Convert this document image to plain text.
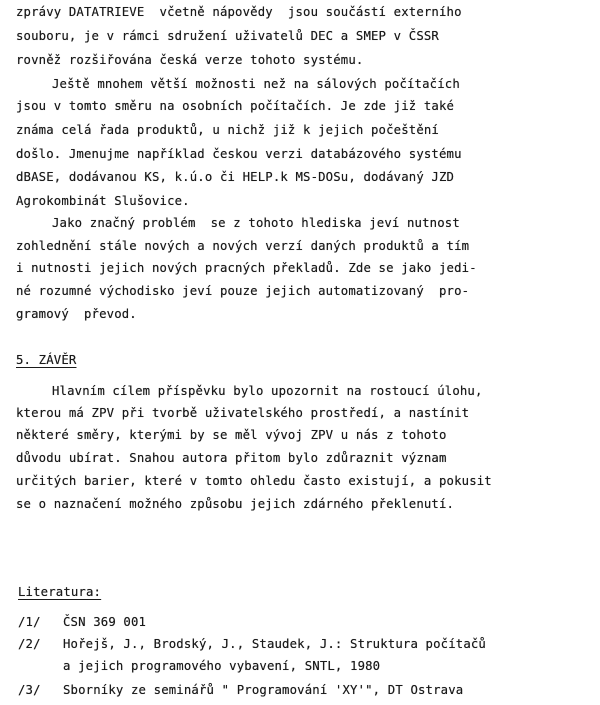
zprávy DATATRIEVE  včetně nápovědy  jsou součástí externího
souboru, je v rámci sdružení uživatelů DEC a SMEP v ČSSR
rovněž rozšiřována česká verze tohoto systému.
Ještě mnohem větší možnosti než na sálových počítačích
jsou v tomto směru na osobních počítačích. Je zde již také
známa celá řada produktů, u nichž již k jejich počeštění
došlo. Jmenujme například českou verzi databázového systému
dBASE, dodávanou KS, k.ú.o či HELP.k MS-DOSu, dodávaný JZD
Agrokombinát Slušovice.
Jako značný problém  se z tohoto hlediska jeví nutnost
zohlednění stále nových a nových verzí daných produktů a tím
i nutnosti jejich nových pracných překladů. Zde se jako jedi-
né rozumné východisko jeví pouze jejich automatizovaný  pro-
gramový  převod.
5. ZÁVĚR
Hlavním cílem příspěvku bylo upozornit na rostoucí úlohu,
kterou má ZPV při tvorbě uživatelského prostředí, a nastínit
některé směry, kterými by se měl vývoj ZPV u nás z tohoto
důvodu ubírat. Snahou autora přitom bylo zdůraznit význam
určitých barier, které v tomto ohledu často existují, a pokusit
se o naznačení možného způsobu jejich zdárného překlenutí.
Literatura:
/1/ ČSN 369 001
/2/ Hořejš, J., Brodský, J., Staudek, J.: Struktura počítačů
a jejich programového vybavení, SNTL, 1980
/3/ Sborníky ze seminářů " Programování 'XY'", DT Ostrava
